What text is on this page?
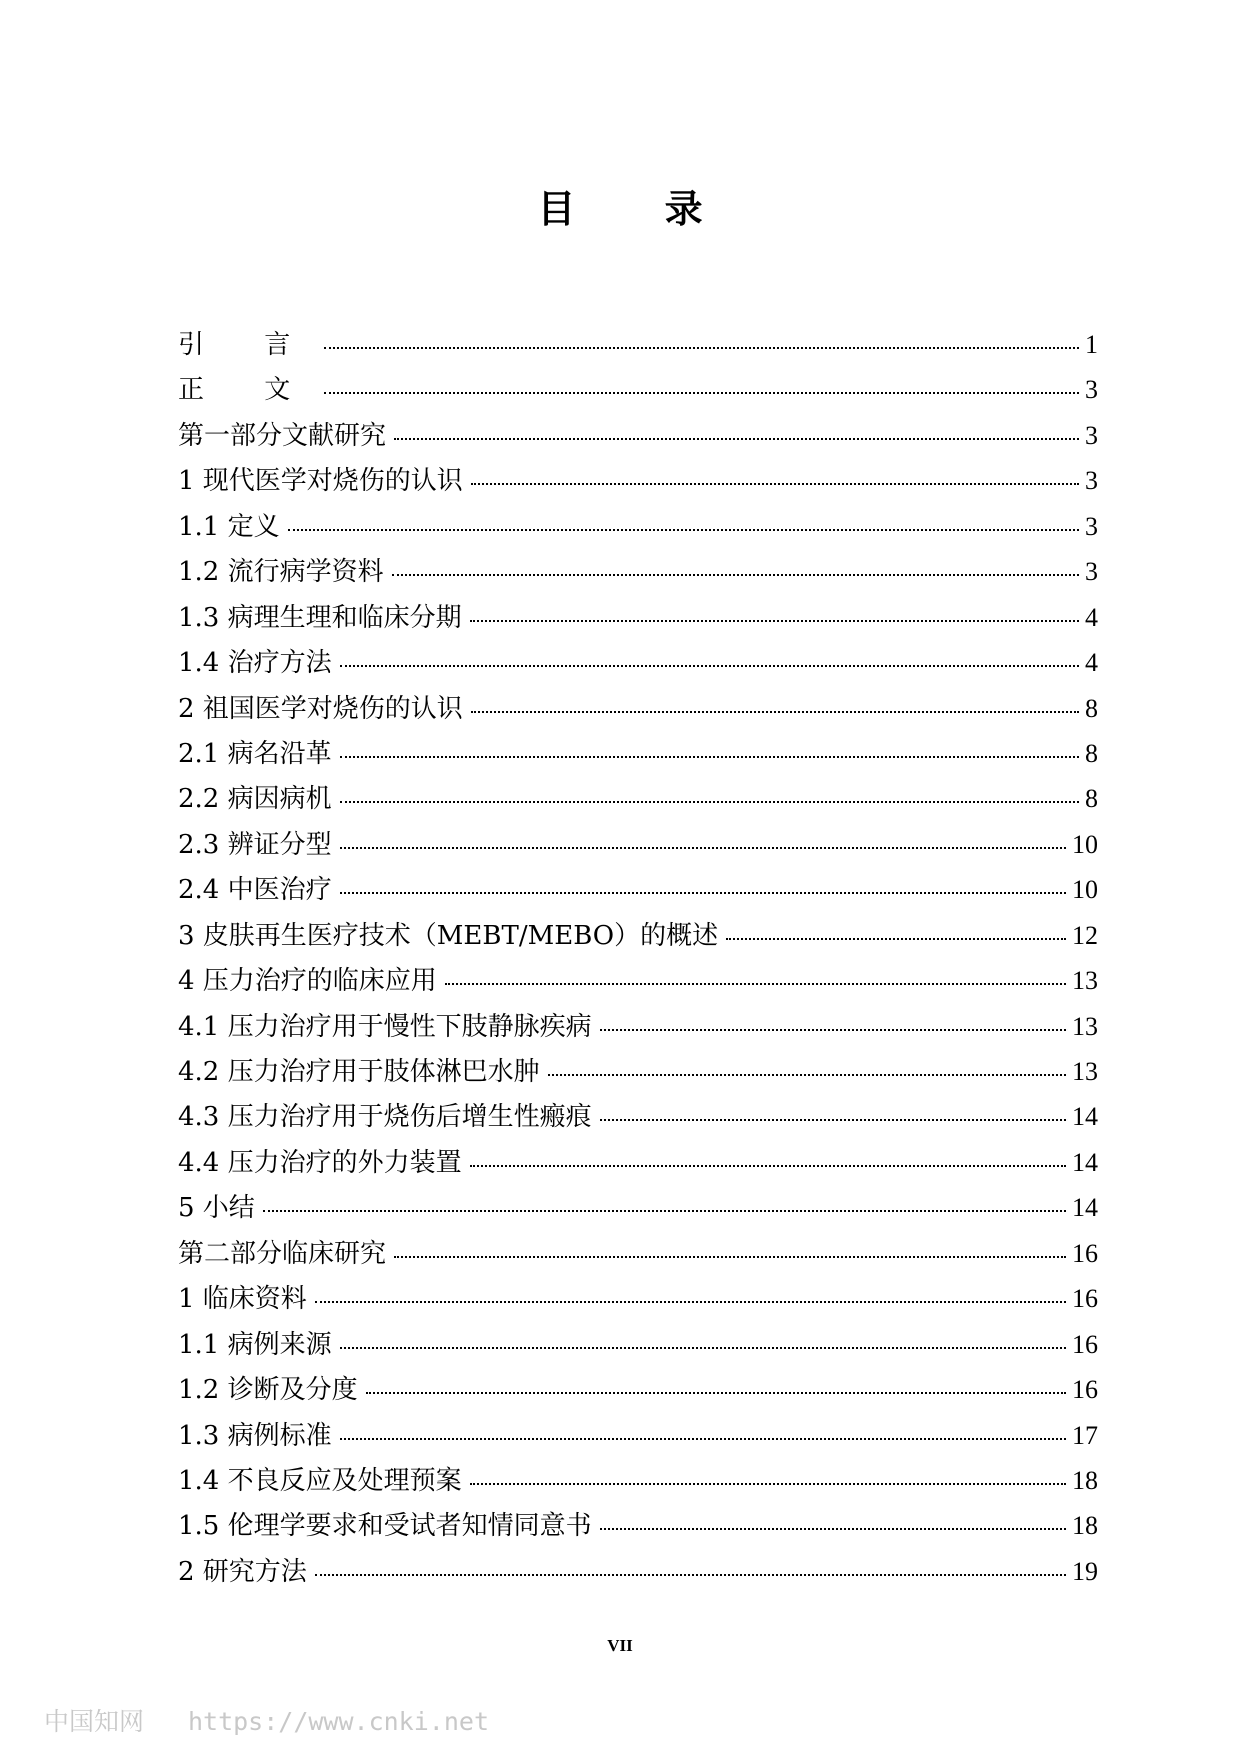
目 录
引 言	1
正 文	3
第一部分文献研究	3
1 现代医学对烧伤的认识	3
1.1 定义	3
1.2 流行病学资料	3
1.3 病理生理和临床分期	4
1.4 治疗方法	4
2 祖国医学对烧伤的认识	8
2.1 病名沿革	8
2.2 病因病机	8
2.3 辨证分型	10
2.4 中医治疗	10
3 皮肤再生医疗技术（MEBT/MEBO）的概述	12
4 压力治疗的临床应用	13
4.1 压力治疗用于慢性下肢静脉疾病	13
4.2 压力治疗用于肢体淋巴水肿	13
4.3 压力治疗用于烧伤后增生性瘢痕	14
4.4 压力治疗的外力装置	14
5 小结	14
第二部分临床研究	16
1 临床资料	16
1.1 病例来源	16
1.2 诊断及分度	16
1.3 病例标准	17
1.4 不良反应及处理预案	18
1.5 伦理学要求和受试者知情同意书	18
2 研究方法	19
VII
中国知网 https://www.cnki.net
